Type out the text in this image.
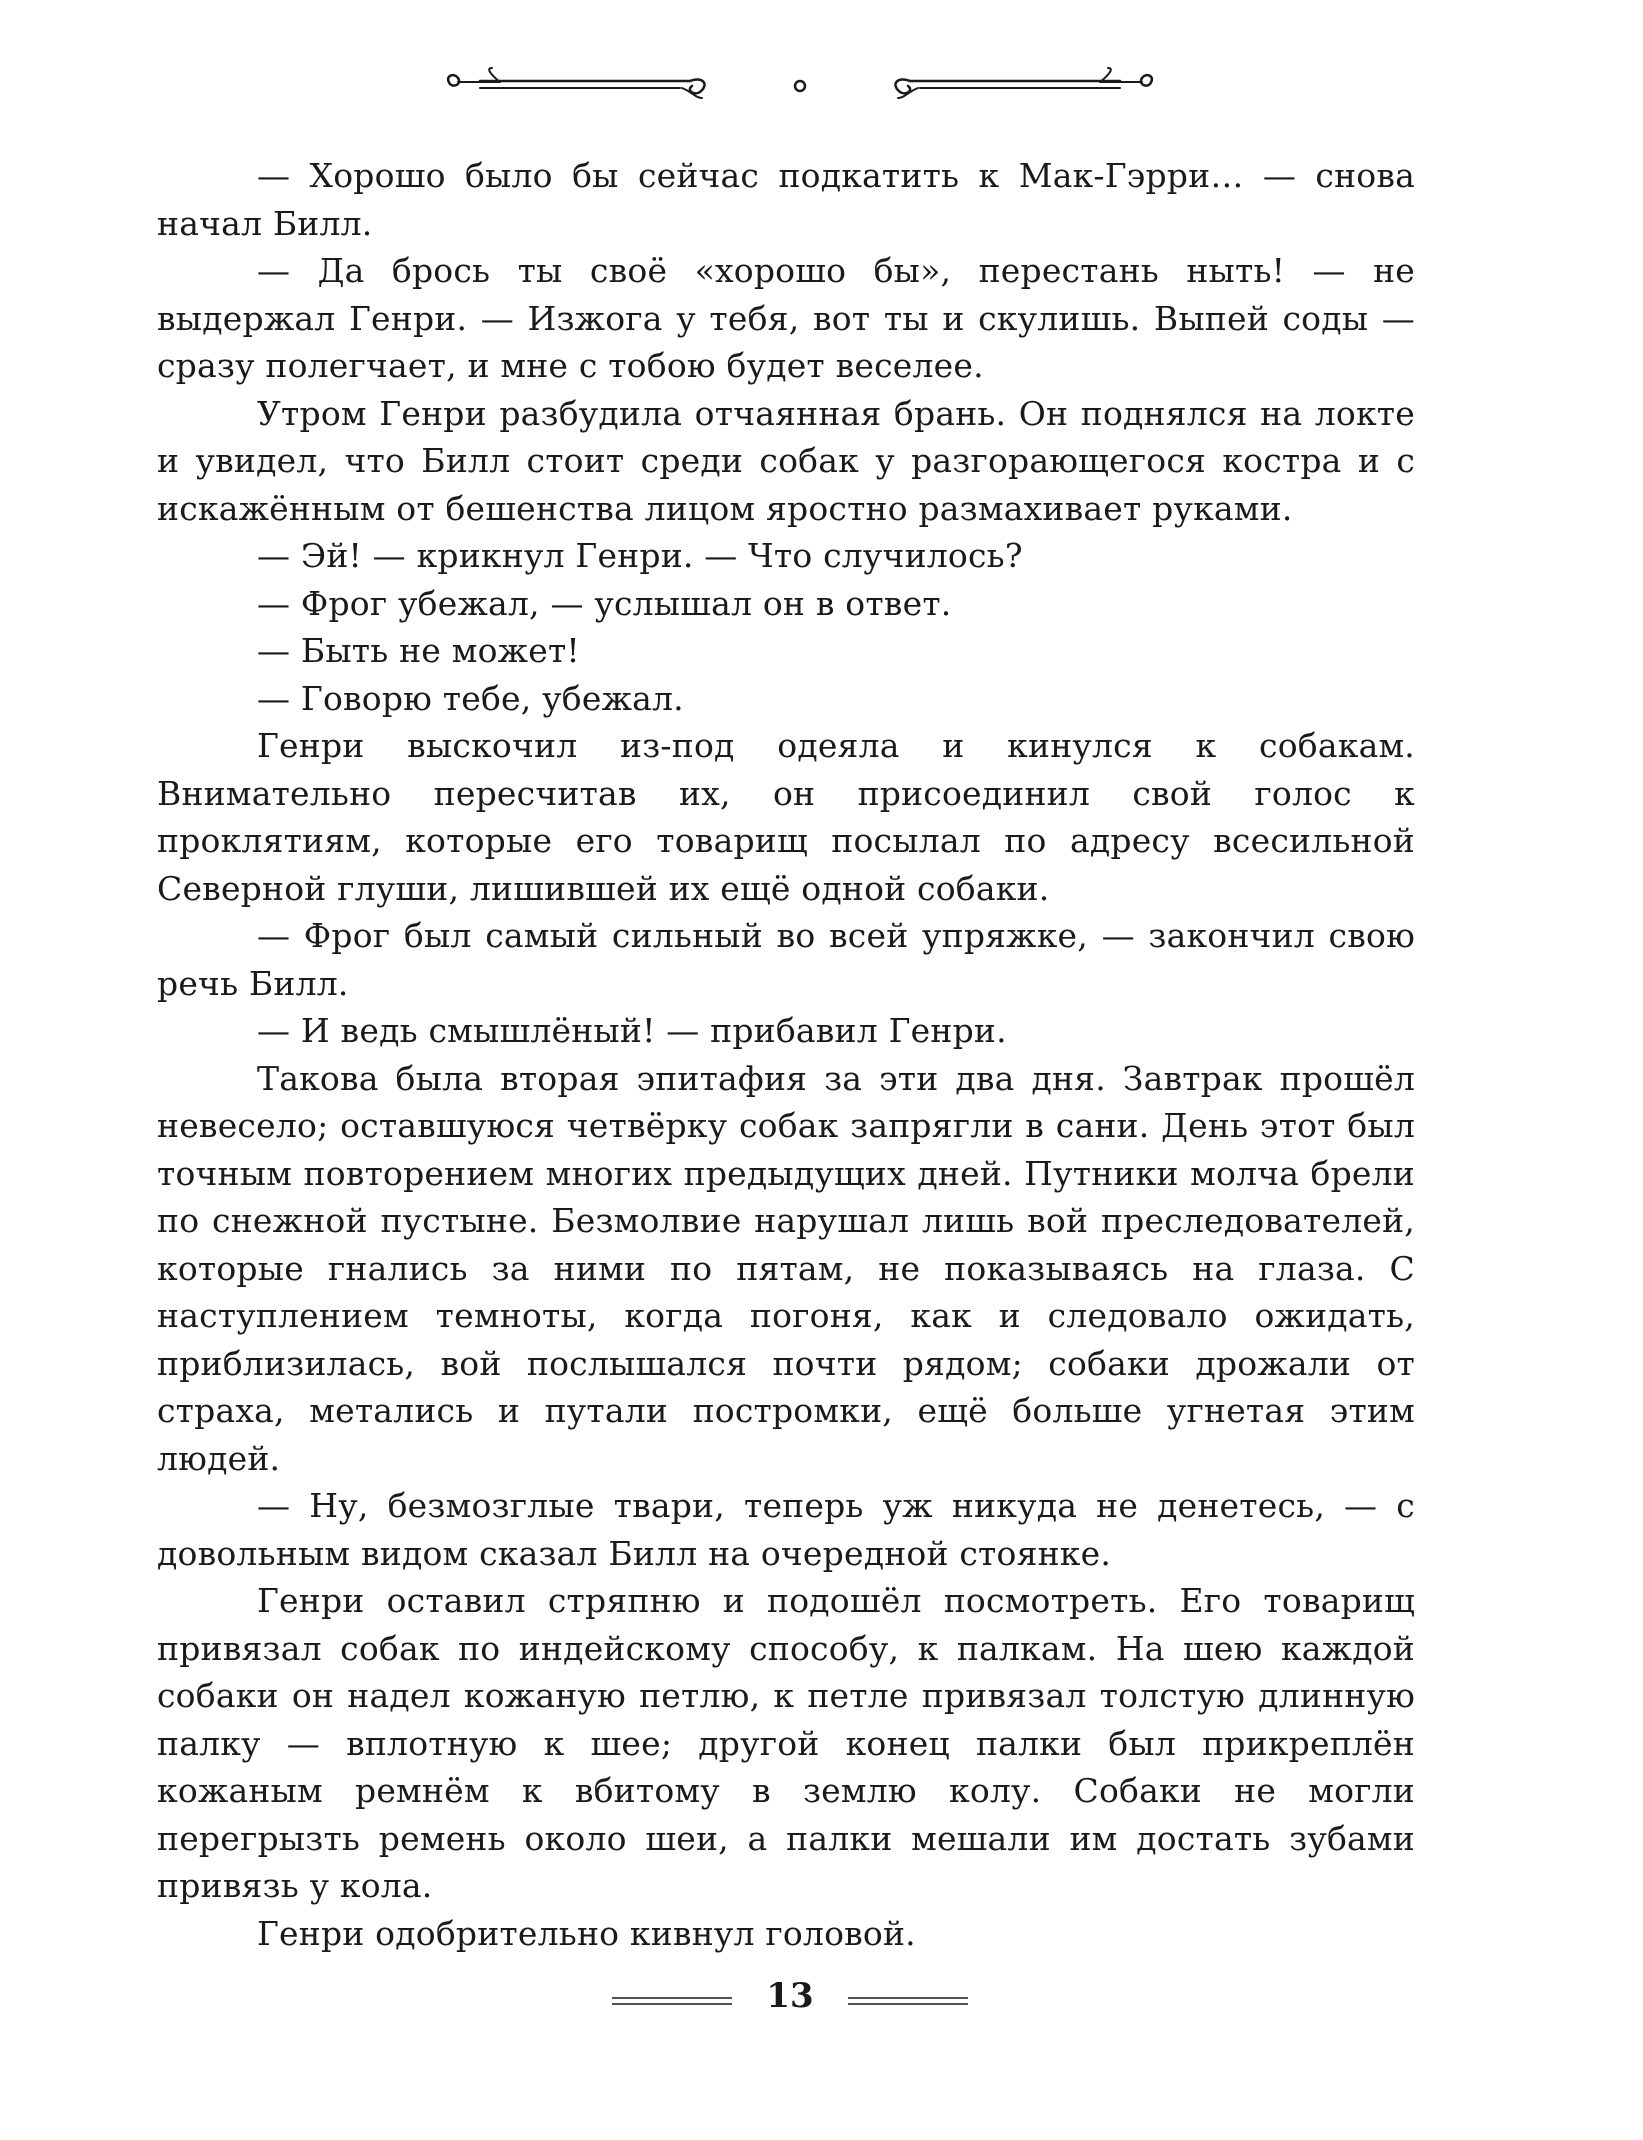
— Хорошо было бы сейчас подкатить к Мак-Гэрри… — снова начал Билл.

— Да брось ты своё «хорошо бы», перестань ныть! — не выдержал Генри. — Изжога у тебя, вот ты и скулишь. Выпей соды — сразу полегчает, и мне с тобою будет веселее.

Утром Генри разбудила отчаянная брань. Он поднялся на локте и увидел, что Билл стоит среди собак у разгорающегося костра и с искажённым от бешенства лицом яростно размахивает руками.

— Эй! — крикнул Генри. — Что случилось?

— Фрог убежал, — услышал он в ответ.

— Быть не может!

— Говорю тебе, убежал.

Генри выскочил из-под одеяла и кинулся к собакам. Внимательно пересчитав их, он присоединил свой голос к проклятиям, которые его товарищ посылал по адресу всесильной Северной глуши, лишившей их ещё одной собаки.

— Фрог был самый сильный во всей упряжке, — закончил свою речь Билл.

— И ведь смышлёный! — прибавил Генри.

Такова была вторая эпитафия за эти два дня. Завтрак прошёл невесело; оставшуюся четвёрку собак запрягли в сани. День этот был точным повторением многих предыдущих дней. Путники молча брели по снежной пустыне. Безмолвие нарушал лишь вой преследователей, которые гнались за ними по пятам, не показываясь на глаза. С наступлением темноты, когда погоня, как и следовало ожидать, приблизилась, вой послышался почти рядом; собаки дрожали от страха, метались и путали постромки, ещё больше угнетая этим людей.

— Ну, безмозглые твари, теперь уж никуда не денетесь, — с довольным видом сказал Билл на очередной стоянке.

Генри оставил стряпню и подошёл посмотреть. Его товарищ привязал собак по индейскому способу, к палкам. На шею каждой собаки он надел кожаную петлю, к петле привязал толстую длинную палку — вплотную к шее; другой конец палки был прикреплён кожаным ремнём к вбитому в землю колу. Собаки не могли перегрызть ремень около шеи, а палки мешали им достать зубами привязь у кола.

Генри одобрительно кивнул головой.

13
